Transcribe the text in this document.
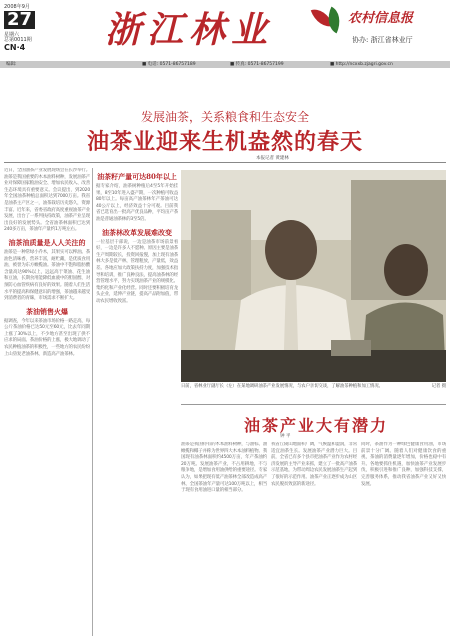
2008年9月
27
星期六
总第0011期
CN·4 浙江林业	农村信息报
协办: 浙江省林业厅
编辑:	■ 电话: 0571-86757189	■ 传真: 0571-86757199	■ http://ncxxb.zjagri.gov.cn
发展油茶，关系粮食和生态安全
油茶业迎来生机盎然的春天
本报记者 黄建林
近日，全国油茶产业发展现场会在长沙举行。油茶是我国重要的木本油料树种，发展油茶产业对保障国家粮油安全、增加农民收入、改善生态环境具有重要意义。会议提出，到2020年全国油茶种植总面积达到7000万亩。我省是油茶主产区之一，油茶栽培历史悠久，资源丰富。近年来，省委省政府高度重视油茶产业发展，出台了一系列扶持政策，油茶产业呈现出良好的发展势头。全省油茶林面积已达到240多万亩，茶油年产量约1万吨左右。
油茶油质量是人人关注的
油茶是一种常绿小乔木，其果实可以榨油。茶油色清味香，营养丰富，耐贮藏，是优质食用油，被誉为东方橄榄油。茶油中不饱和脂肪酸含量高达90%以上，远远高于菜油、花生油和豆油，长期食用能降低血液中的胆固醇，对预防心血管疾病有良好的效果。随着人们生活水平的提高和保健意识的增强，茶油越来越受到消费者的青睐，市场需求不断扩大。
茶油销售火爆
据调查，今年以来茶油市场价格一路走高，每公斤茶油价格已达50元至60元，比去年同期上涨了30%以上，不少地方甚至出现了供不应求的局面。茶油价格的上涨，极大地调动了农民种植油茶的积极性，一些地方的农民纷纷上山垦复老油茶林，新造高产油茶林。
油茶籽产量可达80年以上
据专家介绍，油茶树种植后4至5年开始挂果，8至10年进入盛产期，一次种植可收益80年以上。每亩高产油茶林年产茶油可达40公斤以上，经济效益十分可观。目前我省已选育出一批高产优良品种，平均亩产茶油是普通油茶林的3至5倍。
油茶林改革发展难改变
一位基层干部说，一边是油茶市场前景看好，一边是许多人不愿种。原因主要是油茶生产周期较长，投资回报慢，加上现有油茶林大多是低产林，管理粗放，产量低，效益差。各地应加大政策扶持力度，加强技术指导和培训，推广良种良法，提高油茶林的经营管理水平，努力实现油茶产业的规模化、集约化和产业化经营。同时还要积极培育龙头企业，延伸产业链，提高产品附加值，带动农民增收致富。
日前，省林业厅副厅长（左）在某地调研油茶产业发展情况，与农户亲切交谈，了解油茶种植和加工情况。	记者 摄
油茶产业大有潜力
钟 平
油茶是我国特有的木本油料树种，与油棕、油橄榄和椰子并称为世界四大木本油料植物。我国现有油茶林面积约4500万亩，年产茶油约20万吨。发展油茶产业，不占用耕地，不与粮争地，是增加食用油供给的重要途径。专家认为，如果把现有低产油茶林全部改造成高产林，全国茶油年产量可达100万吨以上，相当于现有食用油进口量的相当部分。
我省丘陵山地面积广阔，气候温和湿润，非常适宜油茶生长。发展油茶产业潜力巨大。目前，全省已有多个县市把油茶产业作为农村经济发展的主导产业来抓，建立了一批高产油茶示范基地，为带动周边农民发展油茶生产起到了很好的示范作用。油茶产业正逐步成为山区农民脱贫致富的新途径。
同时，茶油作为一种绿色健康食用油，市场前景十分广阔。随着人们对健康饮食的重视，茶油的消费量逐年增加，价格也稳中有升。各地要抓住机遇，加快油茶产业发展步伐，积极引进和推广良种，加强科技支撑，完善服务体系，推动我省油茶产业又好又快发展。
